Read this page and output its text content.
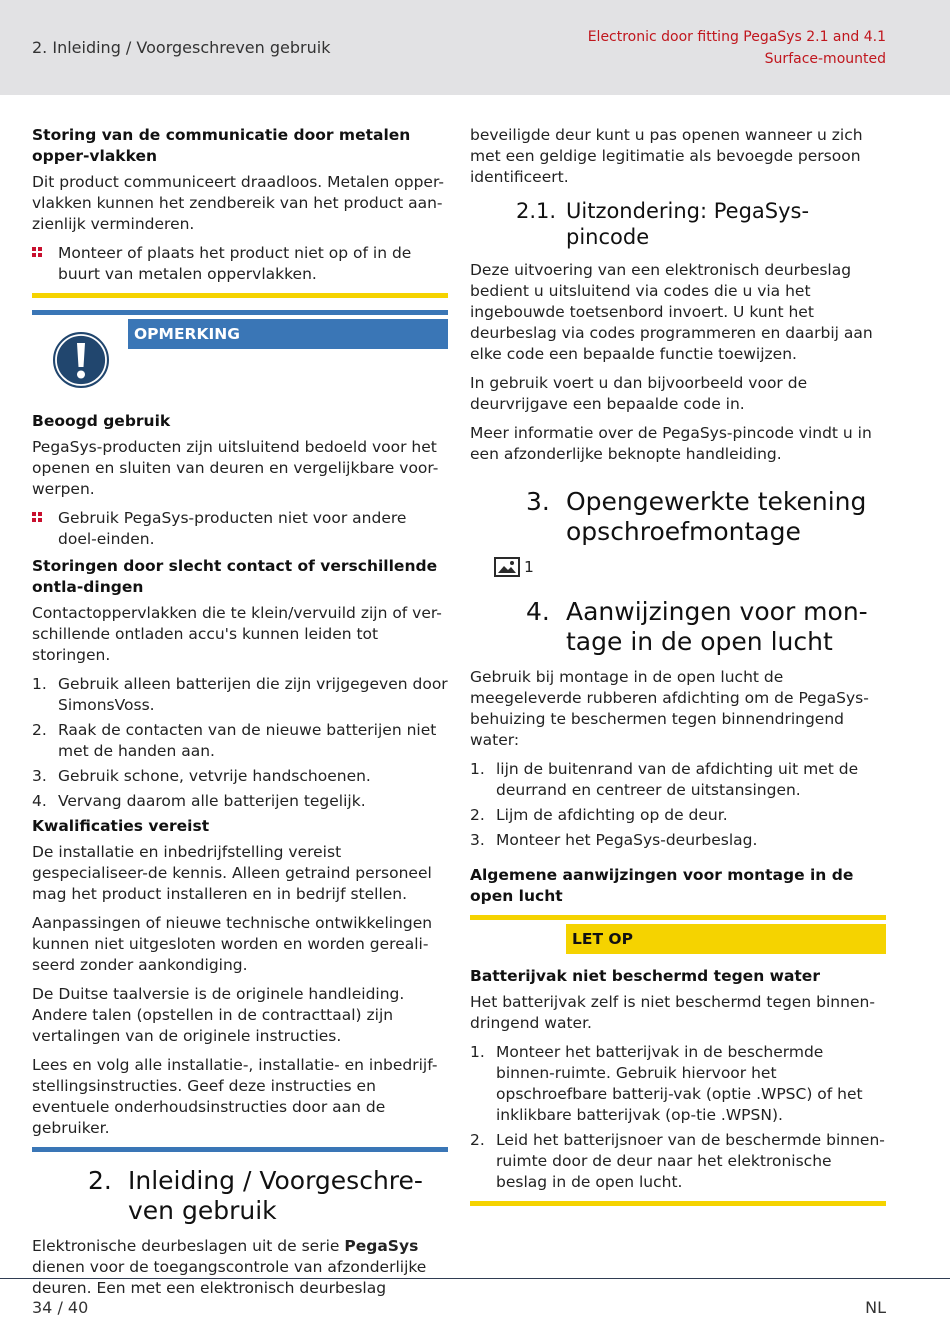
2. Inleiding / Voorgeschreven gebruik
Electronic door fitting PegaSys 2.1 and 4.1 Surface-mounted
Storing van de communicatie door metalen opper-vlakken
Dit product communiceert draadloos. Metalen opper-vlakken kunnen het zendbereik van het product aan-zienlijk verminderen.
Monteer of plaats het product niet op of in de buurt van metalen oppervlakken.
OPMERKING
Beoogd gebruik
PegaSys-producten zijn uitsluitend bedoeld voor het openen en sluiten van deuren en vergelijkbare voor-werpen.
Gebruik PegaSys-producten niet voor andere doel-einden.
Storingen door slecht contact of verschillende ontla-dingen
Contactoppervlakken die te klein/vervuild zijn of ver-schillende ontladen accu's kunnen leiden tot storingen.
1. Gebruik alleen batterijen die zijn vrijgegeven door SimonsVoss.
2. Raak de contacten van de nieuwe batterijen niet met de handen aan.
3. Gebruik schone, vetvrije handschoenen.
4. Vervang daarom alle batterijen tegelijk.
Kwalificaties vereist
De installatie en inbedrijfstelling vereist gespecialiseer-de kennis. Alleen getraind personeel mag het product installeren en in bedrijf stellen.
Aanpassingen of nieuwe technische ontwikkelingen kunnen niet uitgesloten worden en worden gereali-seerd zonder aankondiging.
De Duitse taalversie is de originele handleiding. Andere talen (opstellen in de contracttaal) zijn vertalingen van de originele instructies.
Lees en volg alle installatie-, installatie- en inbedrijf-stellingsinstructies. Geef deze instructies en eventuele onderhoudsinstructies door aan de gebruiker.
2. Inleiding / Voorgeschre-ven gebruik
Elektronische deurbeslagen uit de serie PegaSys dienen voor de toegangscontrole van afzonderlijke deuren. Een met een elektronisch deurbeslag
beveiligde deur kunt u pas openen wanneer u zich met een geldige legitimatie als bevoegde persoon identificeert.
2.1. Uitzondering: PegaSys-pincode
Deze uitvoering van een elektronisch deurbeslag bedient u uitsluitend via codes die u via het ingebouwde toetsenbord invoert. U kunt het deurbeslag via codes programmeren en daarbij aan elke code een bepaalde functie toewijzen.
In gebruik voert u dan bijvoorbeeld voor de deurvrijgave een bepaalde code in.
Meer informatie over de PegaSys-pincode vindt u in een afzonderlijke beknopte handleiding.
3. Opengewerkte tekening opschroefmontage
1
4. Aanwijzingen voor mon-tage in de open lucht
Gebruik bij montage in de open lucht de meegeleverde rubberen afdichting om de PegaSys-behuizing te beschermen tegen binnendringend water:
1. lijn de buitenrand van de afdichting uit met de deurrand en centreer de uitstansingen.
2. Lijm de afdichting op de deur.
3. Monteer het PegaSys-deurbeslag.
Algemene aanwijzingen voor montage in de open lucht
LET OP
Batterijvak niet beschermd tegen water
Het batterijvak zelf is niet beschermd tegen binnen-dringend water.
1. Monteer het batterijvak in de beschermde binnen-ruimte. Gebruik hiervoor het opschroefbare batterij-vak (optie .WPSC) of het inklikbare batterijvak (op-tie .WPSN).
2. Leid het batterijsnoer van de beschermde binnen-ruimte door de deur naar het elektronische beslag in de open lucht.
34 / 40	NL
